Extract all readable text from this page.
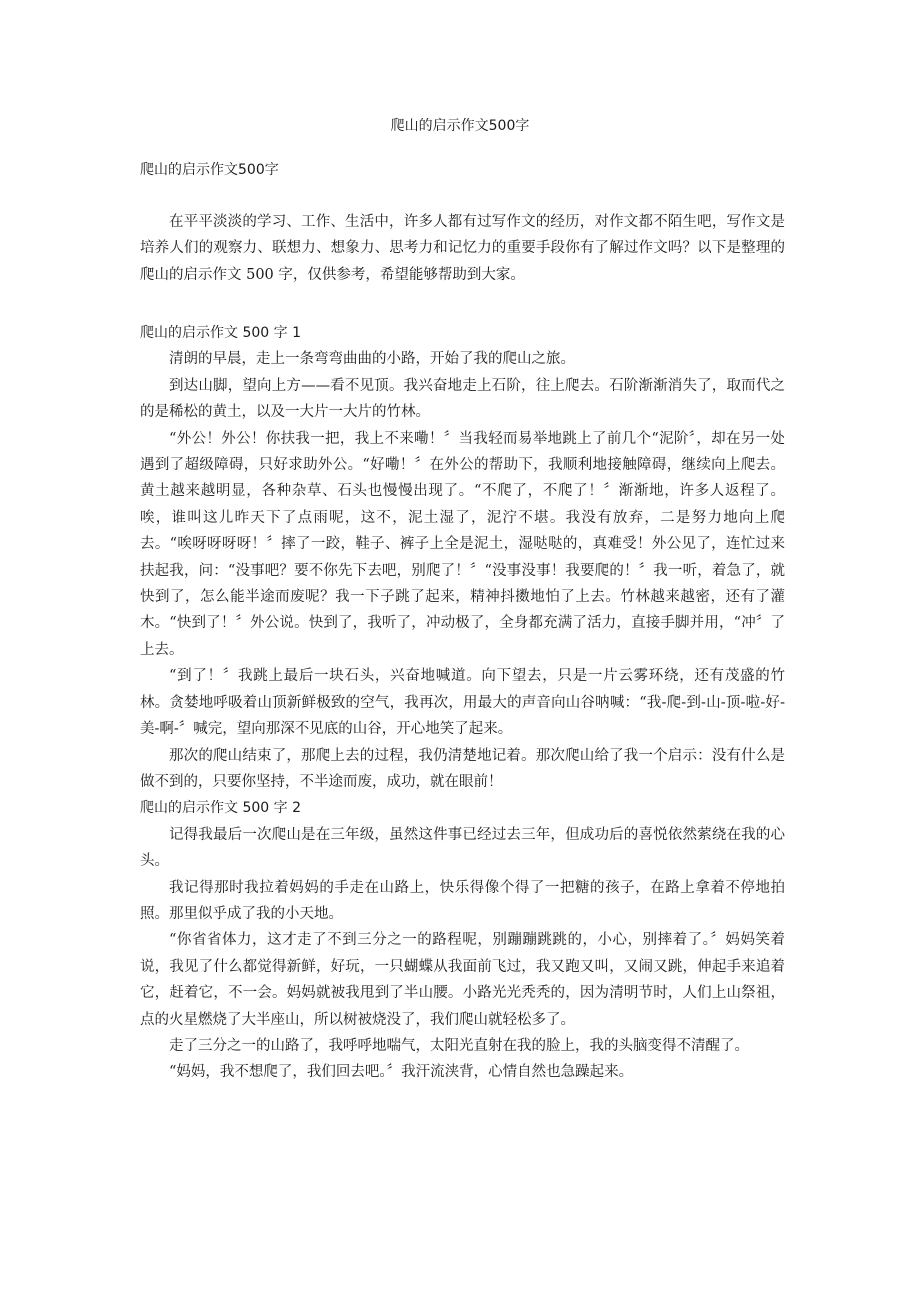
爬山的启示作文500字
爬山的启示作文500字

在平平淡淡的学习、工作、生活中，许多人都有过写作文的经历，对作文都不陌生吧，写作文是培养人们的观察力、联想力、想象力、思考力和记忆力的重要手段你有了解过作文吗？以下是整理的爬山的启示作文 500 字，仅供参考，希望能够帮助到大家。

爬山的启示作文 500 字 1

清朗的早晨，走上一条弯弯曲曲的小路，开始了我的爬山之旅。

到达山脚，望向上方——看不见顶。我兴奋地走上石阶，往上爬去。石阶渐渐消失了，取而代之的是稀松的黄土，以及一大片一大片的竹林。

“外公！外公！你扶我一把，我上不来嘞！〞当我轻而易举地跳上了前几个“泥阶〞，却在另一处遇到了超级障碍，只好求助外公。“好嘞！〞在外公的帮助下，我顺利地接触障碍，继续向上爬去。黄土越来越明显，各种杂草、石头也慢慢出现了。“不爬了，不爬了！〞渐渐地，许多人返程了。唉，谁叫这儿昨天下了点雨呢，这不，泥土湿了，泥泞不堪。我没有放弃，二是努力地向上爬去。“唉呀呀呀呀！〞摔了一跤，鞋子、裤子上全是泥土，湿哒哒的，真难受！外公见了，连忙过来扶起我，问：“没事吧？要不你先下去吧，别爬了！〞“没事没事！我要爬的！〞我一听，着急了，就快到了，怎么能半途而废呢？我一下子跳了起来，精神抖擞地怕了上去。竹林越来越密，还有了灌木。“快到了！〞外公说。快到了，我听了，冲动极了，全身都充满了活力，直接手脚并用，“冲〞了上去。

“到了！〞我跳上最后一块石头，兴奋地喊道。向下望去，只是一片云雾环绕，还有茂盛的竹林。贪婪地呼吸着山顶新鲜极致的空气，我再次，用最大的声音向山谷呐喊：“我-爬-到-山-顶-啦-好-美-啊-〞喊完，望向那深不见底的山谷，开心地笑了起来。

那次的爬山结束了，那爬上去的过程，我仍清楚地记着。那次爬山给了我一个启示：没有什么是做不到的，只要你坚持，不半途而废，成功，就在眼前！

爬山的启示作文 500 字 2

记得我最后一次爬山是在三年级，虽然这件事已经过去三年，但成功后的喜悦依然萦绕在我的心头。

我记得那时我拉着妈妈的手走在山路上，快乐得像个得了一把糖的孩子，在路上拿着不停地拍照。那里似乎成了我的小天地。

“你省省体力，这才走了不到三分之一的路程呢，别蹦蹦跳跳的，小心，别摔着了。〞妈妈笑着说，我见了什么都觉得新鲜，好玩，一只蝴蝶从我面前飞过，我又跑又叫，又闹又跳，伸起手来追着它，赶着它，不一会。妈妈就被我甩到了半山腰。小路光光秃秃的，因为清明节时，人们上山祭祖，点的火星燃烧了大半座山，所以树被烧没了，我们爬山就轻松多了。

走了三分之一的山路了，我呼呼地喘气，太阳光直射在我的脸上，我的头脑变得不清醒了。

“妈妈，我不想爬了，我们回去吧。〞我汗流浃背，心情自然也急躁起来。
